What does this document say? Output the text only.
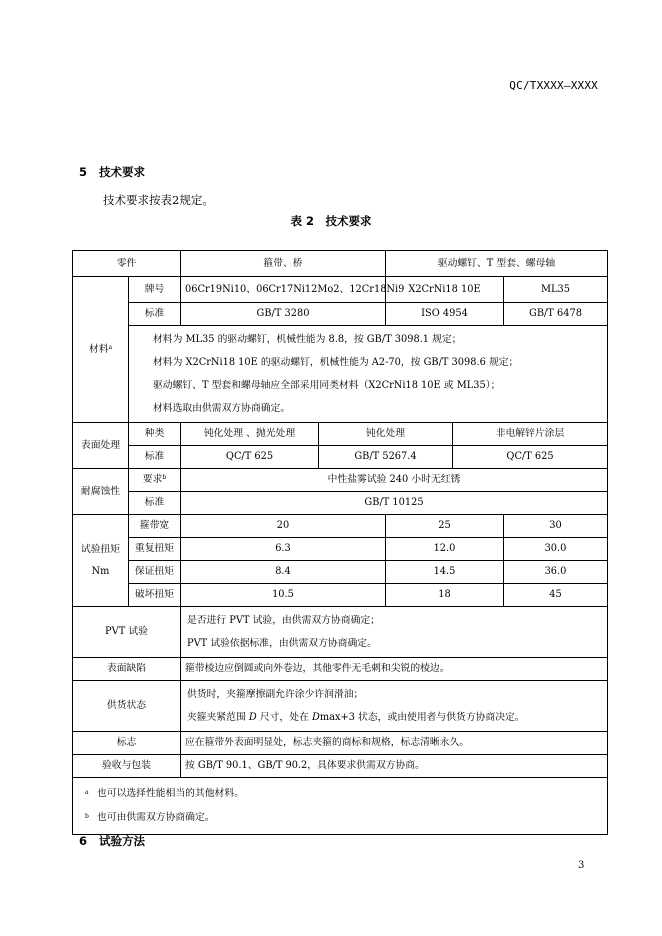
QC/TXXXX—XXXX
5 技术要求
技术要求按表2规定。
表 2　技术要求
零件		箍带、桥		驱动螺钉、T 型套、螺母轴		
材料$^a$	牌号	06Cr19Ni10、06Cr17Ni12Mo2、12Cr18Ni9		X2CrNi18 10E		ML35
	标准	GB/T 3280		ISO 4954		GB/T 6478

	材料为 ML35 的驱动螺钉，机械性能为 8.8，按 GB/T 3098.1 规定；
材料为 X2CrNi18 10E 的驱动螺钉，机械性能为 A2-70，按 GB/T 3098.6 规定；
驱动螺钉、T 型套和螺母轴应全部采用同类材料（X2CrNi18 10E 或 ML35）；
材料选取由供需双方协商确定。					

表面处理	种类	钝化处理 、抛光处理	钝化处理		非电解锌片涂层	
	标准	QC/T 625	GB/T 5267.4		QC/T 625	
耐腐蚀性	要求$^b$	中性盐雾试验 240 小时无红锈				
	标准	GB/T 10125				

试验扭矩
Nm	箍带宽	20		25		30
	重复扭矩	6.3		12.0		30.0
	保证扭矩	8.4		14.5		36.0
	破坏扭矩	10.5		18		45
PVT 试验		是否进行 PVT 试验，由供需双方协商确定；
PVT 试验依据标准，由供需双方协商确定。				

表面缺陷		箍带棱边应倒圆或向外卷边，其他零件无毛刺和尖锐的棱边。				
供货状态		供货时，夹箍摩擦副允许涂少许润滑油；
夹箍夹紧范围 D 尺寸，处在 Dmax+3 状态，或由使用者与供货方协商决定。				

标志		应在箍带外表面明显处，标志夹箍的商标和规格，标志清晰永久。				
验收与包装		按 GB/T 90.1、GB/T 90.2，具体要求供需双方协商。				

a 也可以选择性能相当的其他材料。
b 也可由供需双方协商确定。						
6 试验方法
3
